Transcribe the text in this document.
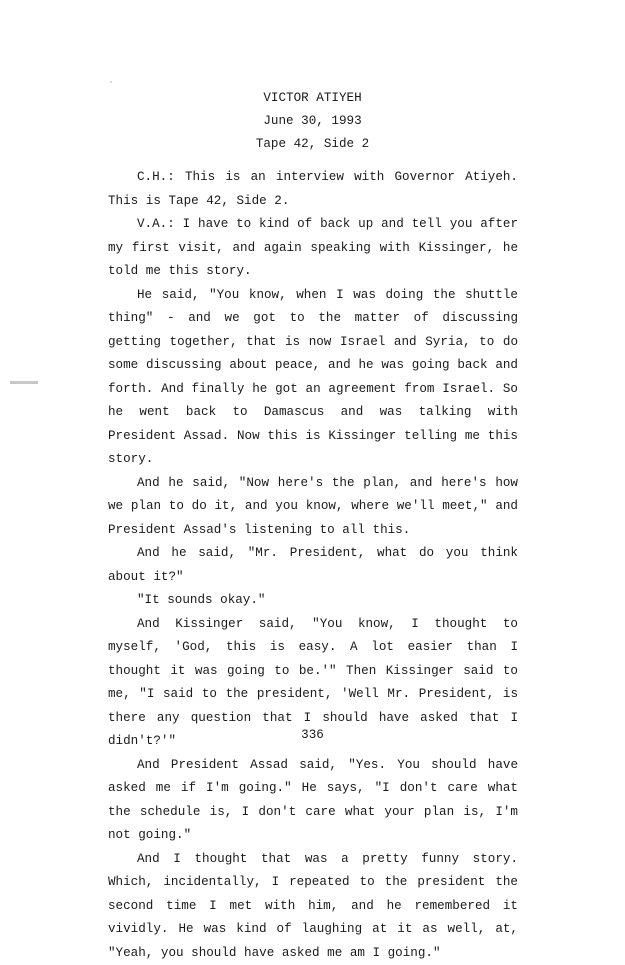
VICTOR ATIYEH
June 30, 1993
Tape 42, Side 2

C.H.: This is an interview with Governor Atiyeh. This is Tape 42, Side 2.

V.A.: I have to kind of back up and tell you after my first visit, and again speaking with Kissinger, he told me this story.

He said, "You know, when I was doing the shuttle thing" - and we got to the matter of discussing getting together, that is now Israel and Syria, to do some discussing about peace, and he was going back and forth. And finally he got an agreement from Israel. So he went back to Damascus and was talking with President Assad. Now this is Kissinger telling me this story.

And he said, "Now here's the plan, and here's how we plan to do it, and you know, where we'll meet," and President Assad's listening to all this.

And he said, "Mr. President, what do you think about it?"

"It sounds okay."

And Kissinger said, "You know, I thought to myself, 'God, this is easy. A lot easier than I thought it was going to be.'" Then Kissinger said to me, "I said to the president, 'Well Mr. President, is there any question that I should have asked that I didn't?'"

And President Assad said, "Yes. You should have asked me if I'm going." He says, "I don't care what the schedule is, I don't care what your plan is, I'm not going."

And I thought that was a pretty funny story. Which, incidentally, I repeated to the president the second time I met with him, and he remembered it vividly. He was kind of laughing at it as well, at, "Yeah, you should have asked me am I going."

336
